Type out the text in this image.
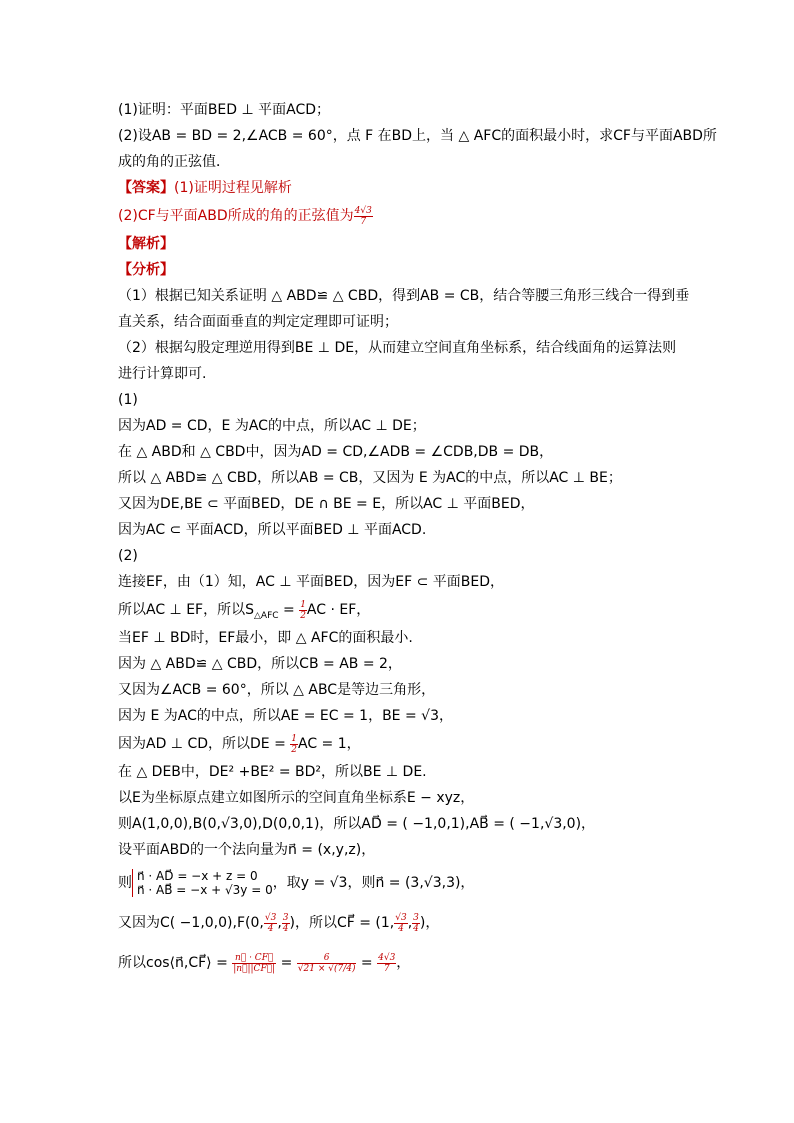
(1)证明：平面BED ⊥ 平面ACD；
(2)设AB = BD = 2,∠ACB = 60°，点 F 在BD上，当 △ AFC的面积最小时，求CF与平面ABD所
成的角的正弦值．
【答案】(1)证明过程见解析
(2)CF与平面ABD所成的角的正弦值为 $\frac{4√3}{7}$
【解析】
【分析】
（1）根据已知关系证明 △ ABD≌ △ CBD，得到AB = CB，结合等腰三角形三线合一得到垂
直关系，结合面面垂直的判定定理即可证明；
（2）根据勾股定理逆用得到BE ⊥ DE，从而建立空间直角坐标系，结合线面角的运算法则
进行计算即可.
(1)
因为AD = CD，E 为AC的中点，所以AC ⊥ DE；
在 △ ABD和 △ CBD中，因为AD = CD,∠ADB = ∠CDB,DB = DB，
所以 △ ABD≌ △ CBD，所以AB = CB，又因为 E 为AC的中点，所以AC ⊥ BE；
又因为DE,BE ⊂ 平面BED，DE ∩ BE = E，所以AC ⊥ 平面BED，
因为AC ⊂ 平面ACD，所以平面BED ⊥ 平面ACD.
(2)
连接EF，由（1）知，AC ⊥ 平面BED，因为EF ⊂ 平面BED，
所以AC ⊥ EF，所以$S_{\triangle AFC} = \frac{1}{2}$ AC · EF，
当EF ⊥ BD时，EF最小，即 △ AFC的面积最小.
因为 △ ABD≌ △ CBD，所以CB = AB = 2，
又因为∠ACB = 60°，所以 △ ABC是等边三角形，
因为 E 为AC的中点，所以AE = EC = 1，BE = √3，
因为AD ⊥ CD，所以DE = $\frac{1}{2}$ AC = 1，
在 △ DEB中，DE² +BE² = BD²，所以BE ⊥ DE.
以E为坐标原点建立如图所示的空间直角坐标系E − xyz，
则A(1,0,0),B(0,√3,0),D(0,0,1)，所以AD⃗ = ( −1,0,1),AB⃗ = ( −1,√3,0)，
设平面ABD的一个法向量为n⃗ = (x,y,z)，
则 n⃗ · AD⃗ = −x + z = 0
n⃗ · AB⃗ = −x + √3y = 0 ，取y = √3，则n⃗ = (3,√3,3)，
又因为C( −1,0,0),F(0, $\frac{√3}{4}$ , $\frac{3}{4}$ )，所以CF⃗ = (1, $\frac{√3}{4}$ , $\frac{3}{4}$ )，
所以cos⟨n⃗,CF⃗⟩ = $\frac{n⃗ \cdot CF⃗}{|n⃗||CF⃗|} = \frac{6}{√21 \times √(7/4)} = \frac{4√3}{7}$ ，
